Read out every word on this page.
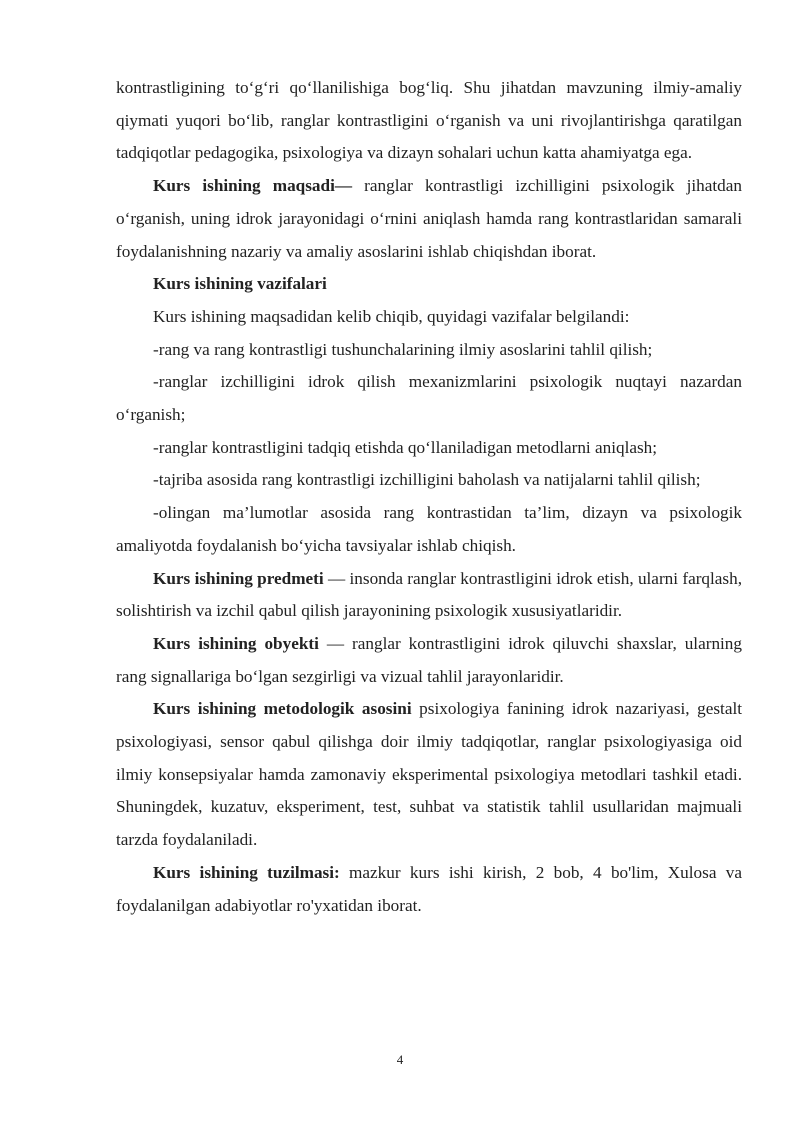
kontrastligining to‘g‘ri qo‘llanilishiga bog‘liq. Shu jihatdan mavzuning ilmiy-amaliy qiymati yuqori bo‘lib, ranglar kontrastligini o‘rganish va uni rivojlantirishga qaratilgan tadqiqotlar pedagogika, psixologiya va dizayn sohalari uchun katta ahamiyatga ega.

Kurs ishining maqsadi— ranglar kontrastligi izchilligini psixologik jihatdan o‘rganish, uning idrok jarayonidagi o‘rnini aniqlash hamda rang kontrastlaridan samarali foydalanishning nazariy va amaliy asoslarini ishlab chiqishdan iborat.

Kurs ishining vazifalari

Kurs ishining maqsadidan kelib chiqib, quyidagi vazifalar belgilandi:

-rang va rang kontrastligi tushunchalarining ilmiy asoslarini tahlil qilish;

-ranglar izchilligini idrok qilish mexanizmlarini psixologik nuqtayi nazardan o‘rganish;

-ranglar kontrastligini tadqiq etishda qo‘llaniladigan metodlarni aniqlash;

-tajriba asosida rang kontrastligi izchilligini baholash va natijalarni tahlil qilish;

-olingan ma’lumotlar asosida rang kontrastidan ta’lim, dizayn va psixologik amaliyotda foydalanish bo‘yicha tavsiyalar ishlab chiqish.

Kurs ishining predmeti — insonda ranglar kontrastligini idrok etish, ularni farqlash, solishtirish va izchil qabul qilish jarayonining psixologik xususiyatlaridir.

Kurs ishining obyekti — ranglar kontrastligini idrok qiluvchi shaxslar, ularning rang signallariga bo‘lgan sezgirligi va vizual tahlil jarayonlaridir.

Kurs ishining metodologik asosini psixologiya fanining idrok nazariyasi, gestalt psixologiyasi, sensor qabul qilishga doir ilmiy tadqiqotlar, ranglar psixologiyasiga oid ilmiy konsepsiyalar hamda zamonaviy eksperimental psixologiya metodlari tashkil etadi. Shuningdek, kuzatuv, eksperiment, test, suhbat va statistik tahlil usullaridan majmuali tarzda foydalaniladi.

Kurs ishining tuzilmasi: mazkur kurs ishi kirish, 2 bob, 4 bo'lim, Xulosa va foydalanilgan adabiyotlar ro'yxatidan iborat.

4
